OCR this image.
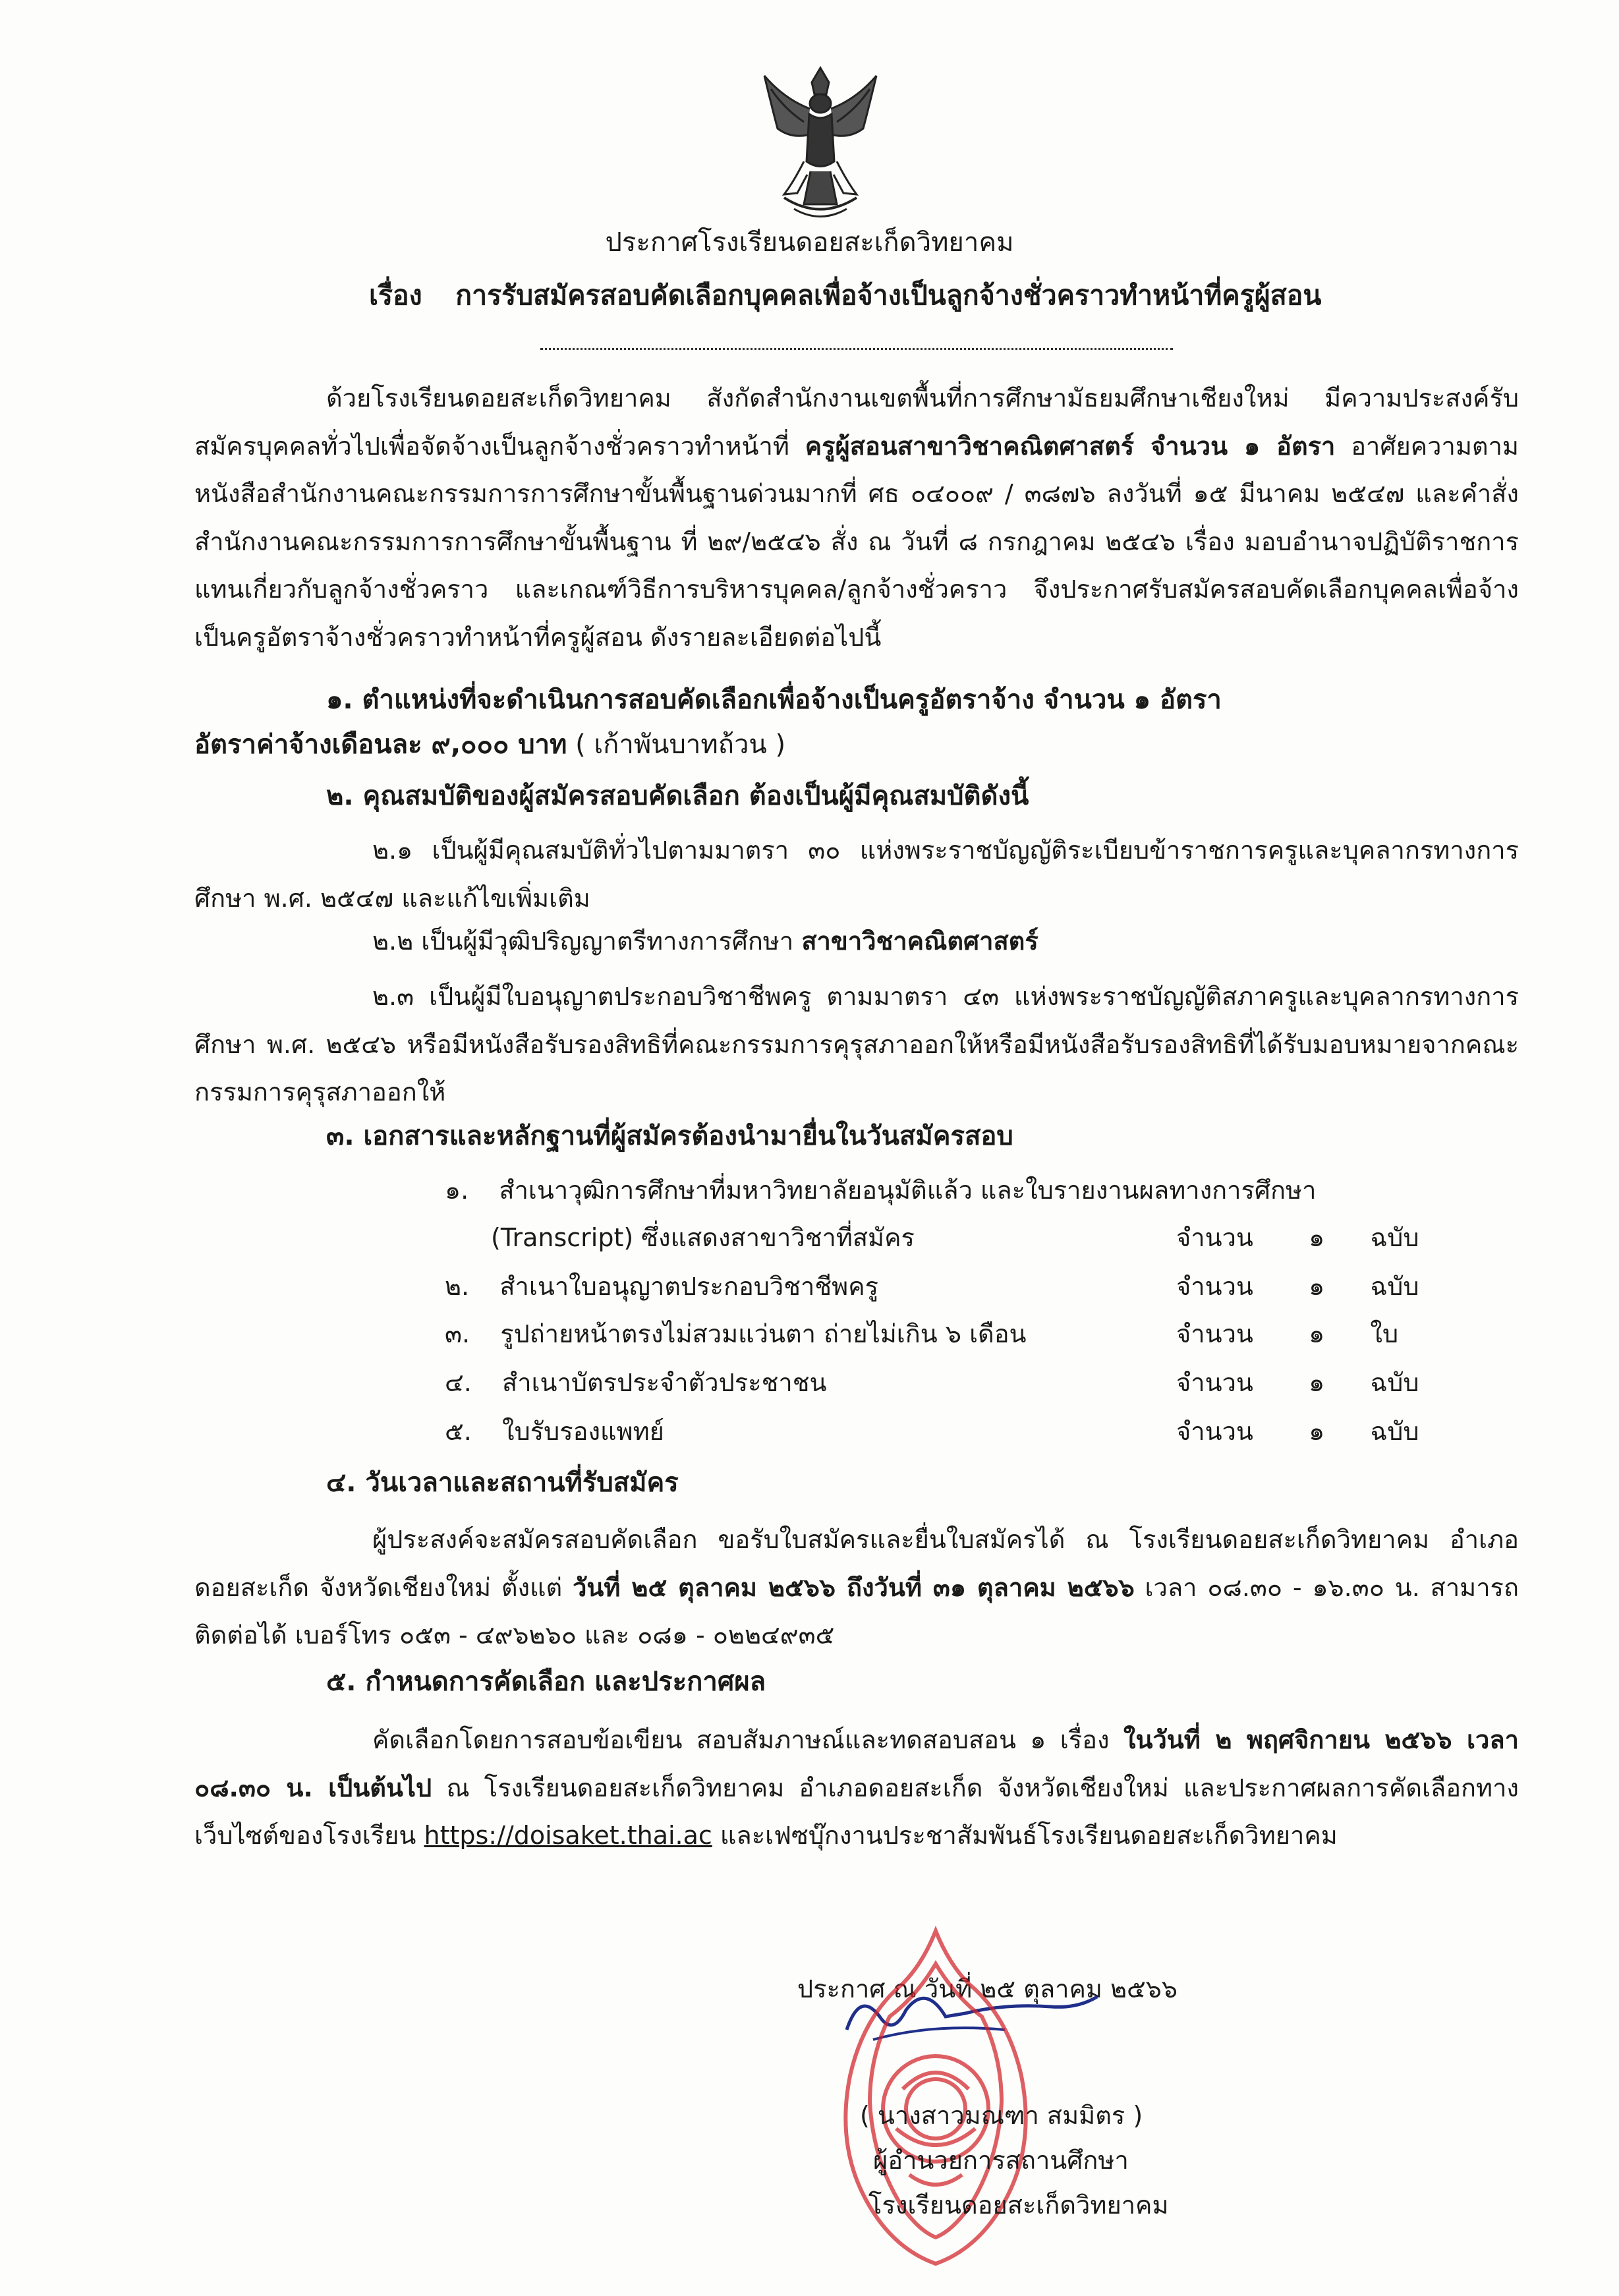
ประกาศโรงเรียนดอยสะเก็ดวิทยาคม
เรื่อง การรับสมัครสอบคัดเลือกบุคคลเพื่อจ้างเป็นลูกจ้างชั่วคราวทำหน้าที่ครูผู้สอน
ด้วยโรงเรียนดอยสะเก็ดวิทยาคม สังกัดสำนักงานเขตพื้นที่การศึกษามัธยมศึกษาเชียงใหม่ มีความประสงค์รับสมัครบุคคลทั่วไปเพื่อจัดจ้างเป็นลูกจ้างชั่วคราวทำหน้าที่ ครูผู้สอนสาขาวิชาคณิตศาสตร์ จำนวน ๑ อัตรา อาศัยความตามหนังสือสำนักงานคณะกรรมการการศึกษาขั้นพื้นฐานด่วนมากที่ ศธ ๐๔๐๐๙ / ๓๘๗๖ ลงวันที่ ๑๕ มีนาคม ๒๕๔๗ และคำสั่งสำนักงานคณะกรรมการการศึกษาขั้นพื้นฐาน ที่ ๒๙/๒๕๔๖ สั่ง ณ วันที่ ๘ กรกฎาคม ๒๕๔๖ เรื่อง มอบอำนาจปฏิบัติราชการแทนเกี่ยวกับลูกจ้างชั่วคราว และเกณฑ์วิธีการบริหารบุคคล/ลูกจ้างชั่วคราว จึงประกาศรับสมัครสอบคัดเลือกบุคคลเพื่อจ้างเป็นครูอัตราจ้างชั่วคราวทำหน้าที่ครูผู้สอน ดังรายละเอียดต่อไปนี้
๑. ตำแหน่งที่จะดำเนินการสอบคัดเลือกเพื่อจ้างเป็นครูอัตราจ้าง จำนวน ๑ อัตรา
อัตราค่าจ้างเดือนละ ๙,๐๐๐ บาท ( เก้าพันบาทถ้วน )
๒. คุณสมบัติของผู้สมัครสอบคัดเลือก ต้องเป็นผู้มีคุณสมบัติดังนี้
๒.๑ เป็นผู้มีคุณสมบัติทั่วไปตามมาตรา ๓๐ แห่งพระราชบัญญัติระเบียบข้าราชการครูและบุคลากรทางการศึกษา พ.ศ. ๒๕๔๗ และแก้ไขเพิ่มเติม
๒.๒ เป็นผู้มีวุฒิปริญญาตรีทางการศึกษา สาขาวิชาคณิตศาสตร์
๒.๓ เป็นผู้มีใบอนุญาตประกอบวิชาชีพครู ตามมาตรา ๔๓ แห่งพระราชบัญญัติสภาครูและบุคลากรทางการศึกษา พ.ศ. ๒๕๔๖ หรือมีหนังสือรับรองสิทธิที่คณะกรรมการคุรุสภาออกให้หรือมีหนังสือรับรองสิทธิที่ได้รับมอบหมายจากคณะกรรมการคุรุสภาออกให้
๓. เอกสารและหลักฐานที่ผู้สมัครต้องนำมายื่นในวันสมัครสอบ
๑. สำเนาวุฒิการศึกษาที่มหาวิทยาลัยอนุมัติแล้ว และใบรายงานผลทางการศึกษา
(Transcript) ซึ่งแสดงสาขาวิชาที่สมัคร	จำนวน ๑ ฉบับ
๒. สำเนาใบอนุญาตประกอบวิชาชีพครู	จำนวน ๑ ฉบับ
๓. รูปถ่ายหน้าตรงไม่สวมแว่นตา ถ่ายไม่เกิน ๖ เดือน	จำนวน ๑ ใบ
๔. สำเนาบัตรประจำตัวประชาชน	จำนวน ๑ ฉบับ
๕. ใบรับรองแพทย์	จำนวน ๑ ฉบับ
๔. วันเวลาและสถานที่รับสมัคร
ผู้ประสงค์จะสมัครสอบคัดเลือก ขอรับใบสมัครและยื่นใบสมัครได้ ณ โรงเรียนดอยสะเก็ดวิทยาคม อำเภอดอยสะเก็ด จังหวัดเชียงใหม่ ตั้งแต่ วันที่ ๒๕ ตุลาคม ๒๕๖๖ ถึงวันที่ ๓๑ ตุลาคม ๒๕๖๖ เวลา ๐๘.๓๐ - ๑๖.๓๐ น. สามารถติดต่อได้ เบอร์โทร ๐๕๓ - ๔๙๖๒๖๐ และ ๐๘๑ - ๐๒๒๔๙๓๕
๕. กำหนดการคัดเลือก และประกาศผล
คัดเลือกโดยการสอบข้อเขียน สอบสัมภาษณ์และทดสอบสอน ๑ เรื่อง ในวันที่ ๒ พฤศจิกายน ๒๕๖๖ เวลา ๐๘.๓๐ น. เป็นต้นไป ณ โรงเรียนดอยสะเก็ดวิทยาคม อำเภอดอยสะเก็ด จังหวัดเชียงใหม่ และประกาศผลการคัดเลือกทางเว็บไซต์ของโรงเรียน https://doisaket.thai.ac และเฟซบุ๊กงานประชาสัมพันธ์โรงเรียนดอยสะเก็ดวิทยาคม
ประกาศ ณ วันที่ ๒๕ ตุลาคม ๒๕๖๖
( นางสาวมณฑา สมมิตร )
ผู้อำนวยการสถานศึกษา
โรงเรียนดอยสะเก็ดวิทยาคม
